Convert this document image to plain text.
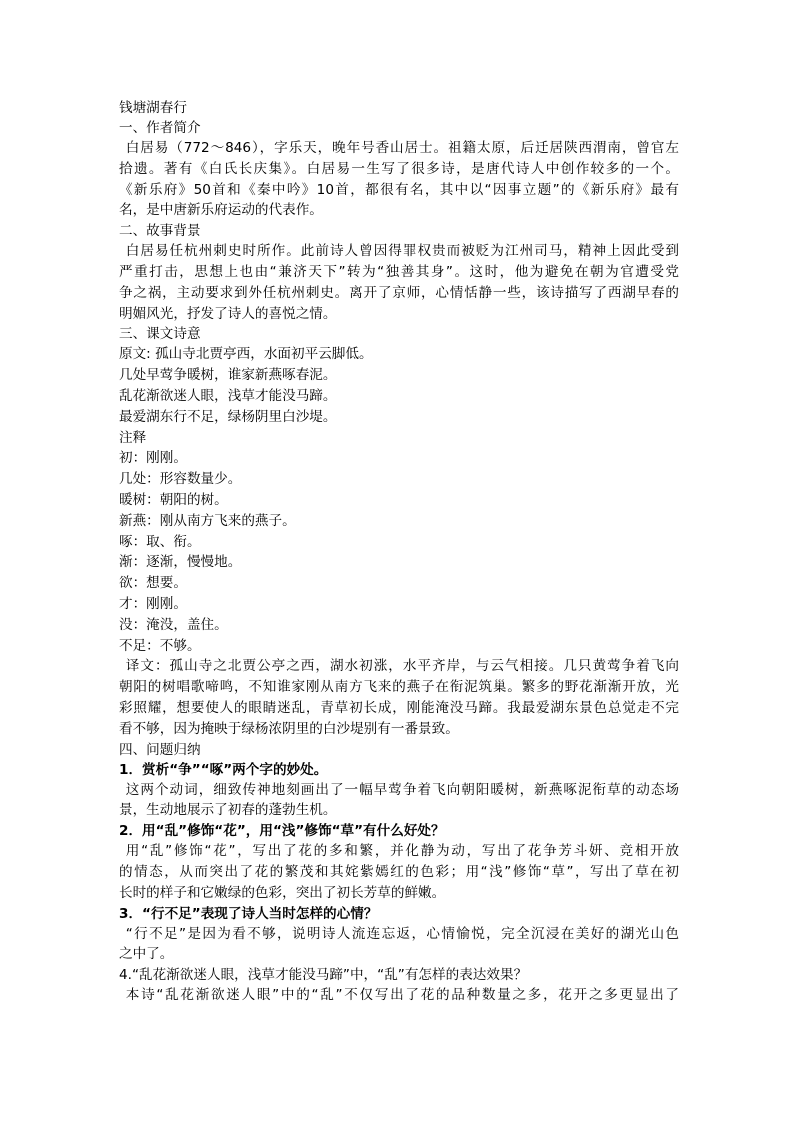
钱塘湖春行
一、作者简介
白居易（772～846），字乐天，晚年号香山居士。祖籍太原，后迁居陕西渭南，曾官左
拾遗。著有《白氏长庆集》。白居易一生写了很多诗，是唐代诗人中创作较多的一个。
《新乐府》50首和《秦中吟》10首，都很有名，其中以“因事立题”的《新乐府》最有
名，是中唐新乐府运动的代表作。
二、故事背景
白居易任杭州刺史时所作。此前诗人曾因得罪权贵而被贬为江州司马，精神上因此受到
严重打击，思想上也由“兼济天下”转为“独善其身”。这时，他为避免在朝为官遭受党
争之祸，主动要求到外任杭州刺史。离开了京师，心情恬静一些，该诗描写了西湖早春的
明媚风光，抒发了诗人的喜悦之情。
三、课文诗意
原文: 孤山寺北贾亭西，水面初平云脚低。
几处早莺争暖树，谁家新燕啄春泥。
乱花渐欲迷人眼，浅草才能没马蹄。
最爱湖东行不足，绿杨阴里白沙堤。
注释
初：刚刚。
几处：形容数量少。
暖树：朝阳的树。
新燕：刚从南方飞来的燕子。
啄：取、衔。
渐：逐渐，慢慢地。
欲：想要。
才：刚刚。
没：淹没，盖住。
不足：不够。
译文：孤山寺之北贾公亭之西，湖水初涨，水平齐岸，与云气相接。几只黄莺争着飞向
朝阳的树唱歌啼鸣，不知谁家刚从南方飞来的燕子在衔泥筑巢。繁多的野花渐渐开放，光
彩照耀，想要使人的眼睛迷乱，青草初长成，刚能淹没马蹄。我最爱湖东景色总觉走不完
看不够，因为掩映于绿杨浓阴里的白沙堤别有一番景致。
四、问题归纳
1．赏析“争”“啄”两个字的妙处。
这两个动词，细致传神地刻画出了一幅早莺争着飞向朝阳暖树，新燕啄泥衔草的动态场
景，生动地展示了初春的蓬勃生机。
2．用“乱”修饰“花”，用“浅”修饰“草”有什么好处？
用“乱”修饰“花”，写出了花的多和繁，并化静为动，写出了花争芳斗妍、竞相开放
的情态，从而突出了花的繁茂和其姹紫嫣红的色彩；用“浅”修饰“草”，写出了草在初
长时的样子和它嫩绿的色彩，突出了初长芳草的鲜嫩。
3．“行不足”表现了诗人当时怎样的心情？
“行不足”是因为看不够，说明诗人流连忘返，心情愉悦，完全沉浸在美好的湖光山色
之中了。
4.“乱花渐欲迷人眼，浅草才能没马蹄”中，“乱”有怎样的表达效果？
本诗“乱花渐欲迷人眼”中的“乱”不仅写出了花的品种数量之多，花开之多更显出了
